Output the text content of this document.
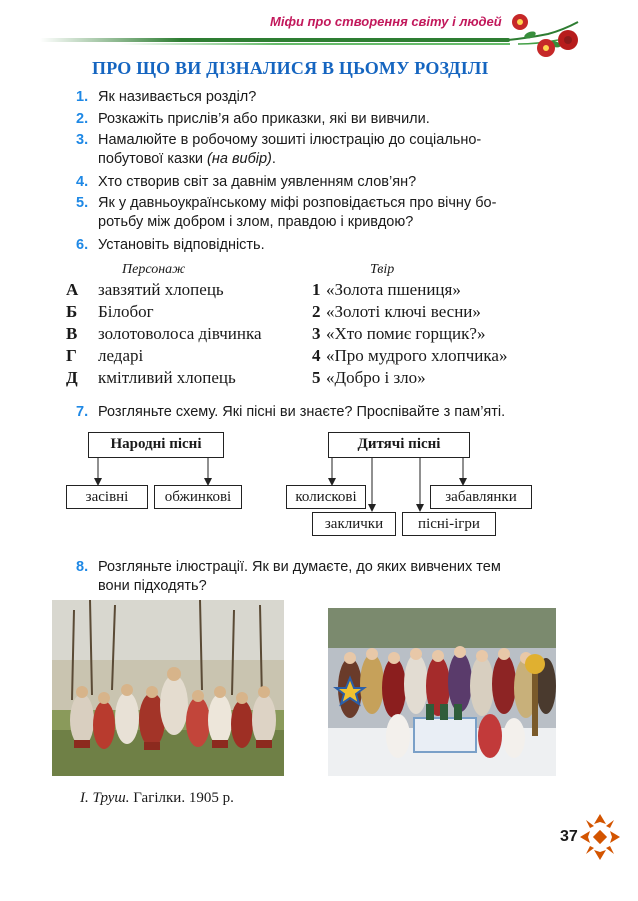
Міфи про створення світу і людей
ПРО ЩО ВИ ДІЗНАЛИСЯ В ЦЬОМУ РОЗДІЛІ
1. Як називається розділ?
2. Розкажіть прислів’я або приказки, які ви вивчили.
3. Намалюйте в робочому зошиті ілюстрацію до соціально-
побутової казки (на вибір).
4. Хто створив світ за давнім уявленням слов’ян?
5. Як у давньоукраїнському міфі розповідається про вічну бо-
ротьбу між добром і злом, правдою і кривдою?
6. Установіть відповідність.
Персонаж	Твір
А завзятий хлопець	1 «Золота пшениця»
Б Білобог	2 «Золоті ключі весни»
В золотоволоса дівчинка	3 «Хто помиє горщик?»
Г ледарі	4 «Про мудрого хлопчика»
Д кмітливий хлопець	5 «Добро і зло»
7. Розгляньте схему. Які пісні ви знаєте? Проспівайте з пам’яті.
Народні пісні
засівні	обжинкові
Дитячі пісні
колискові	забавлянки
заклички	пісні-ігри
8. Розгляньте ілюстрації. Як ви думаєте, до яких вивчених тем
вони підходять?
І. Труш. Гагілки. 1905 р.
37
